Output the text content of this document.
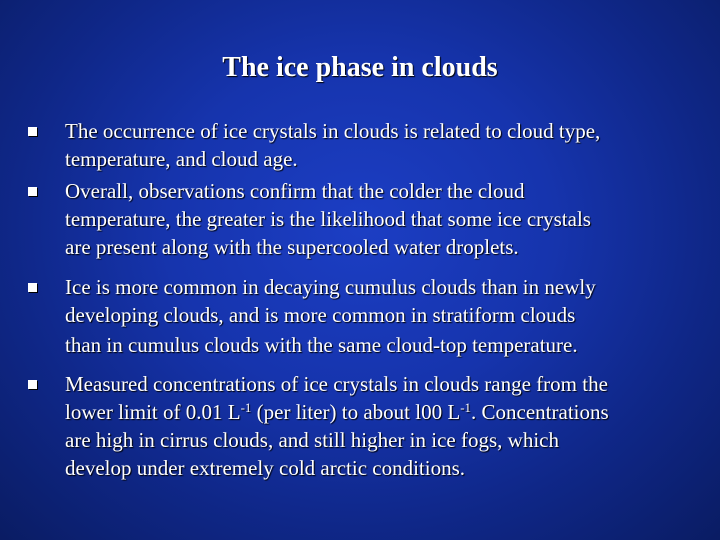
The ice phase in clouds
The occurrence of ice crystals in clouds is related to cloud type,
temperature, and cloud age.
Overall, observations confirm that the colder the cloud
temperature, the greater is the likelihood that some ice crystals
are present along with the supercooled water droplets.
Ice is more common in decaying cumulus clouds than in newly
developing clouds, and is more common in stratiform clouds
than in cumulus clouds with the same cloud-top temperature.
Measured concentrations of ice crystals in clouds range from the
lower limit of 0.01 $L^{-1}$ (per liter) to about l00 $L^{-1}$. Concentrations
are high in cirrus clouds, and still higher in ice fogs, which
develop under extremely cold arctic conditions.
